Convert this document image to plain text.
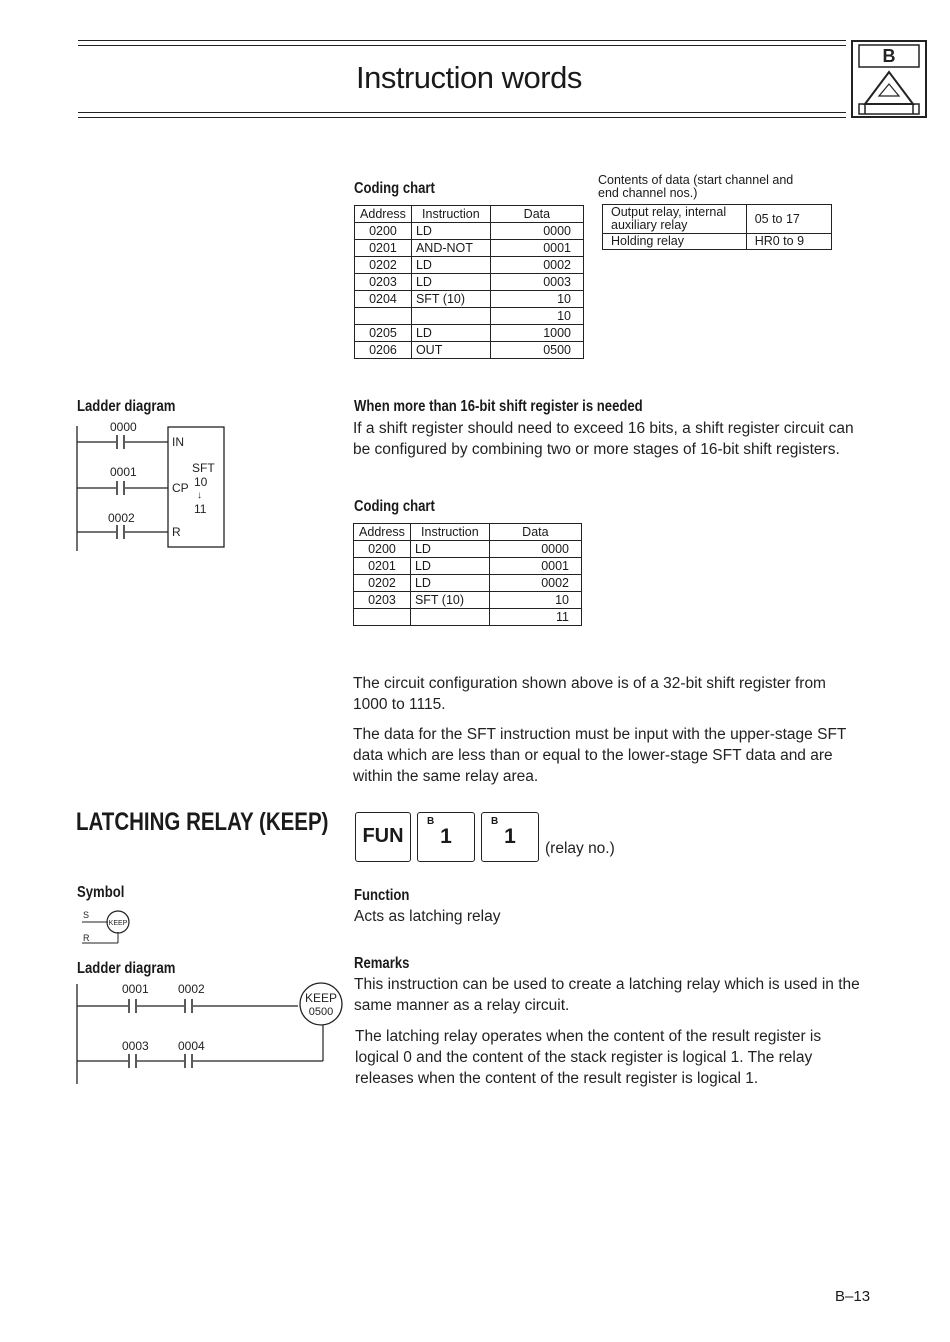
Instruction words
B
Coding chart
Address	Instruction	Data
0200	LD	0000
0201	AND-NOT	0001
0202	LD	0002
0203	LD	0003
0204	SFT (10)	10
		10
0205	LD	1000
0206	OUT	0500
Contents of data (start channel and end channel nos.)
Output relay, internal auxiliary relay	05 to 17
Holding relay	HR0 to 9
Ladder diagram
0000
0001
0002
IN
SFT
CP 10
↓
11
R
When more than 16-bit shift register is needed
If a shift register should need to exceed 16 bits, a shift register circuit can be configured by combining two or more stages of 16-bit shift registers.
Coding chart
Address	Instruction	Data
0200	LD	0000
0201	LD	0001
0202	LD	0002
0203	SFT (10)	10
		11
The circuit configuration shown above is of a 32-bit shift register from 1000 to 1115.
The data for the SFT instruction must be input with the upper-stage SFT data which are less than or equal to the lower-stage SFT data and are within the same relay area.
LATCHING RELAY (KEEP)	FUN
B
1
B
1
(relay no.)
Symbol
S
R
KEEP
Ladder diagram
0001 0002
KEEP
0500
0003 0004
Function
Acts as latching relay
Remarks
This instruction can be used to create a latching relay which is used in the same manner as a relay circuit.
The latching relay operates when the content of the result register is logical 0 and the content of the stack register is logical 1. The relay releases when the content of the result register is logical 1.
B–13
